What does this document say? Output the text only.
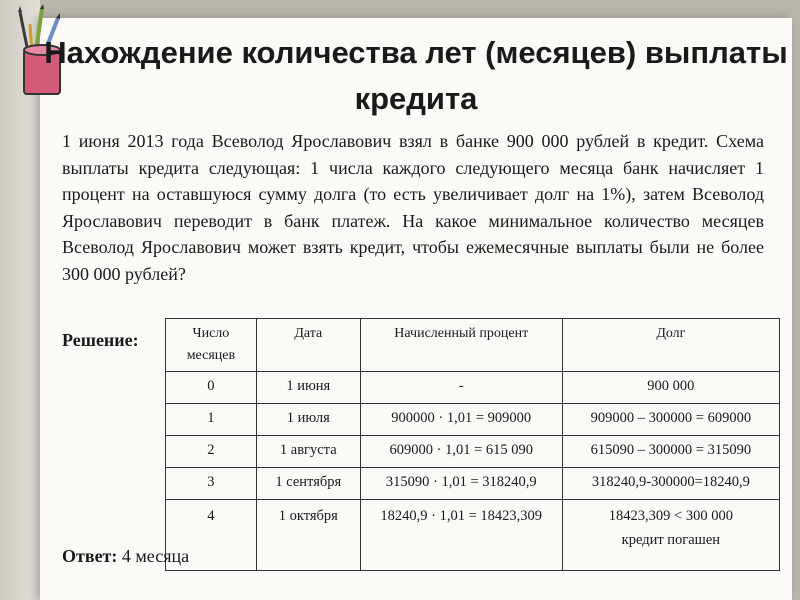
Нахождение количества лет (месяцев) выплаты кредита
1 июня 2013 года Всеволод Ярославович взял в банке 900 000 рублей в кредит. Схема выплаты кредита следующая: 1 числа каждого следующего месяца банк начисляет 1 процент на оставшуюся сумму долга (то есть увеличивает долг на 1%), затем Всеволод Ярославович переводит в банк платеж. На какое минимальное количество месяцев Всеволод Ярославович может взять кредит, чтобы ежемесячные выплаты были не более 300 000 рублей?
Решение:	Число месяцев	Дата	Начисленный процент	Долг
0	1 июня	-	900 000
1	1 июля	900000 · 1,01 = 909000	909000 – 300000 = 609000
2	1 августа	609000 · 1,01 = 615 090	615090 – 300000 = 315090
3	1 сентября	315090 · 1,01 = 318240,9	318240,9-300000=18240,9
4	1 октября	18240,9 · 1,01 = 18423,309	18423,309 < 300 000
кредит погашен
Ответ: 4 месяца
